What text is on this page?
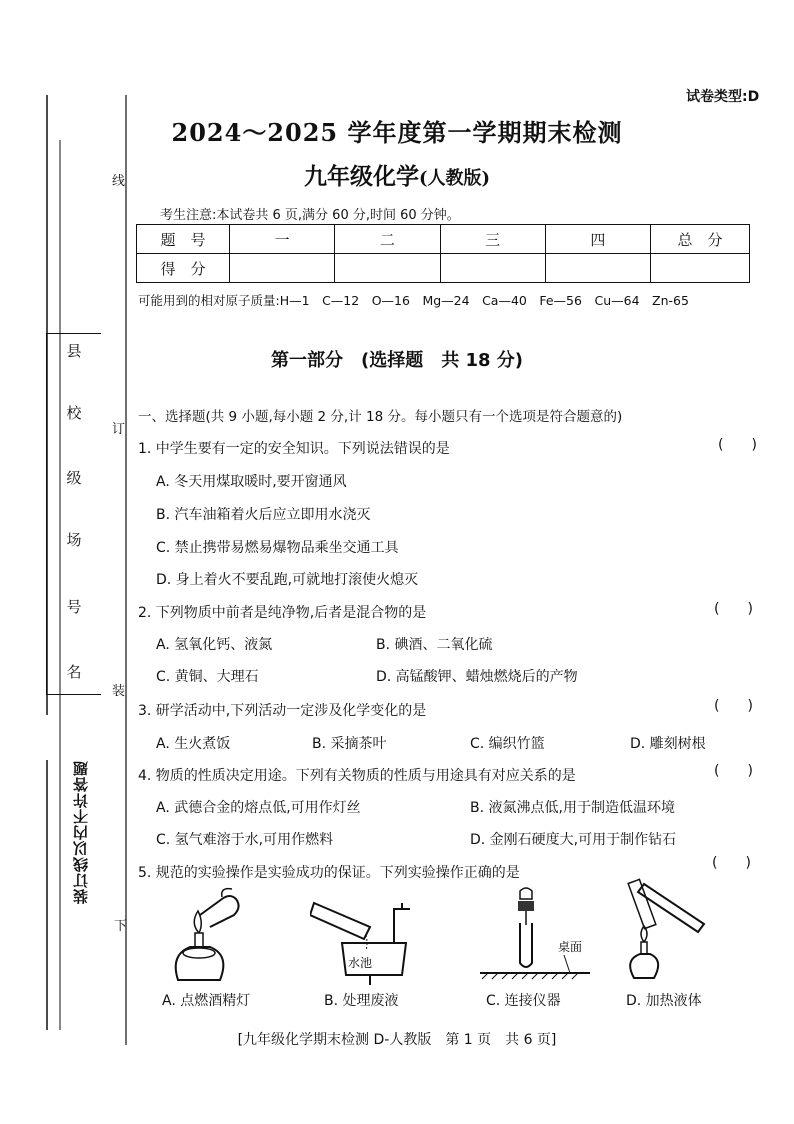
线
订
装
下
县
校
级
场
号
名
装订线以内不许答题
试卷类型:D
2024～2025 学年度第一学期期末检测
九年级化学(人教版)
考生注意:本试卷共 6 页,满分 60 分,时间 60 分钟。
题　号	一	二	三	四	总　分
得　分					
可能用到的相对原子质量:H—1　C—12　O—16　Mg—24　Ca—40　Fe—56　Cu—64　Zn-65
第一部分　(选择题　共 18 分)
一、选择题(共 9 小题,每小题 2 分,计 18 分。每小题只有一个选项是符合题意的)
1. 中学生要有一定的安全知识。下列说法错误的是	(　　)
A. 冬天用煤取暖时,要开窗通风
B. 汽车油箱着火后应立即用水浇灭
C. 禁止携带易燃易爆物品乘坐交通工具
D. 身上着火不要乱跑,可就地打滚使火熄灭
2. 下列物质中前者是纯净物,后者是混合物的是	(　　)
A. 氢氧化钙、液氮	B. 碘酒、二氧化硫
C. 黄铜、大理石	D. 高锰酸钾、蜡烛燃烧后的产物
3. 研学活动中,下列活动一定涉及化学变化的是	(　　)
A. 生火煮饭	B. 采摘茶叶	C. 编织竹篮	D. 雕刻树根
4. 物质的性质决定用途。下列有关物质的性质与用途具有对应关系的是	(　　)
A. 武德合金的熔点低,可用作灯丝	B. 液氮沸点低,用于制造低温环境
C. 氢气难溶于水,可用作燃料	D. 金刚石硬度大,可用于制作钻石
5. 规范的实验操作是实验成功的保证。下列实验操作正确的是
(　　)
A. 点燃酒精灯
水池
B. 处理废液
桌面
C. 连接仪器	D. 加热液体
[九年级化学期末检测 D-人教版　第 1 页　共 6 页]
